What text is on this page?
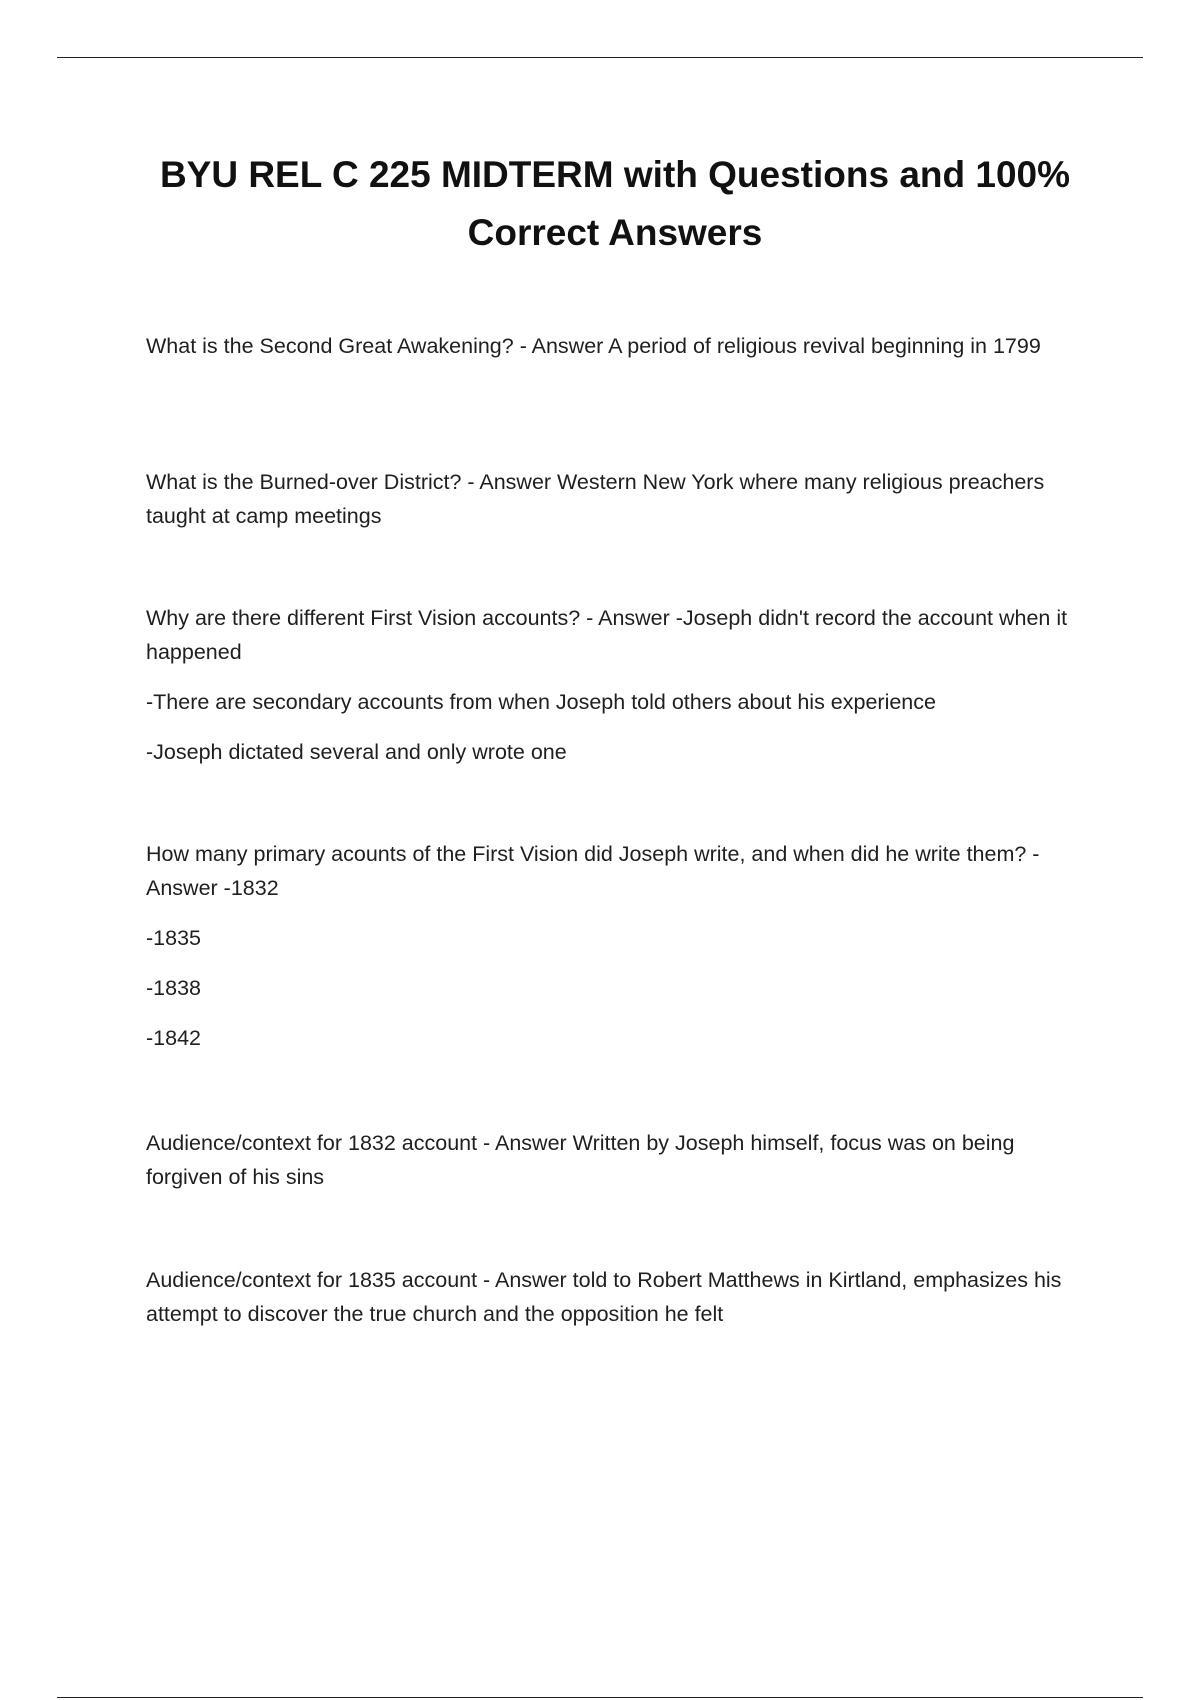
BYU REL C 225 MIDTERM with Questions and 100% Correct Answers

What is the Second Great Awakening? - Answer A period of religious revival beginning in 1799

What is the Burned-over District? - Answer Western New York where many religious preachers taught at camp meetings

Why are there different First Vision accounts? - Answer -Joseph didn't record the account when it happened

-There are secondary accounts from when Joseph told others about his experience

-Joseph dictated several and only wrote one

How many primary acounts of the First Vision did Joseph write, and when did he write them? - Answer -1832

-1835

-1838

-1842

Audience/context for 1832 account - Answer Written by Joseph himself, focus was on being forgiven of his sins

Audience/context for 1835 account - Answer told to Robert Matthews in Kirtland, emphasizes his attempt to discover the true church and the opposition he felt
